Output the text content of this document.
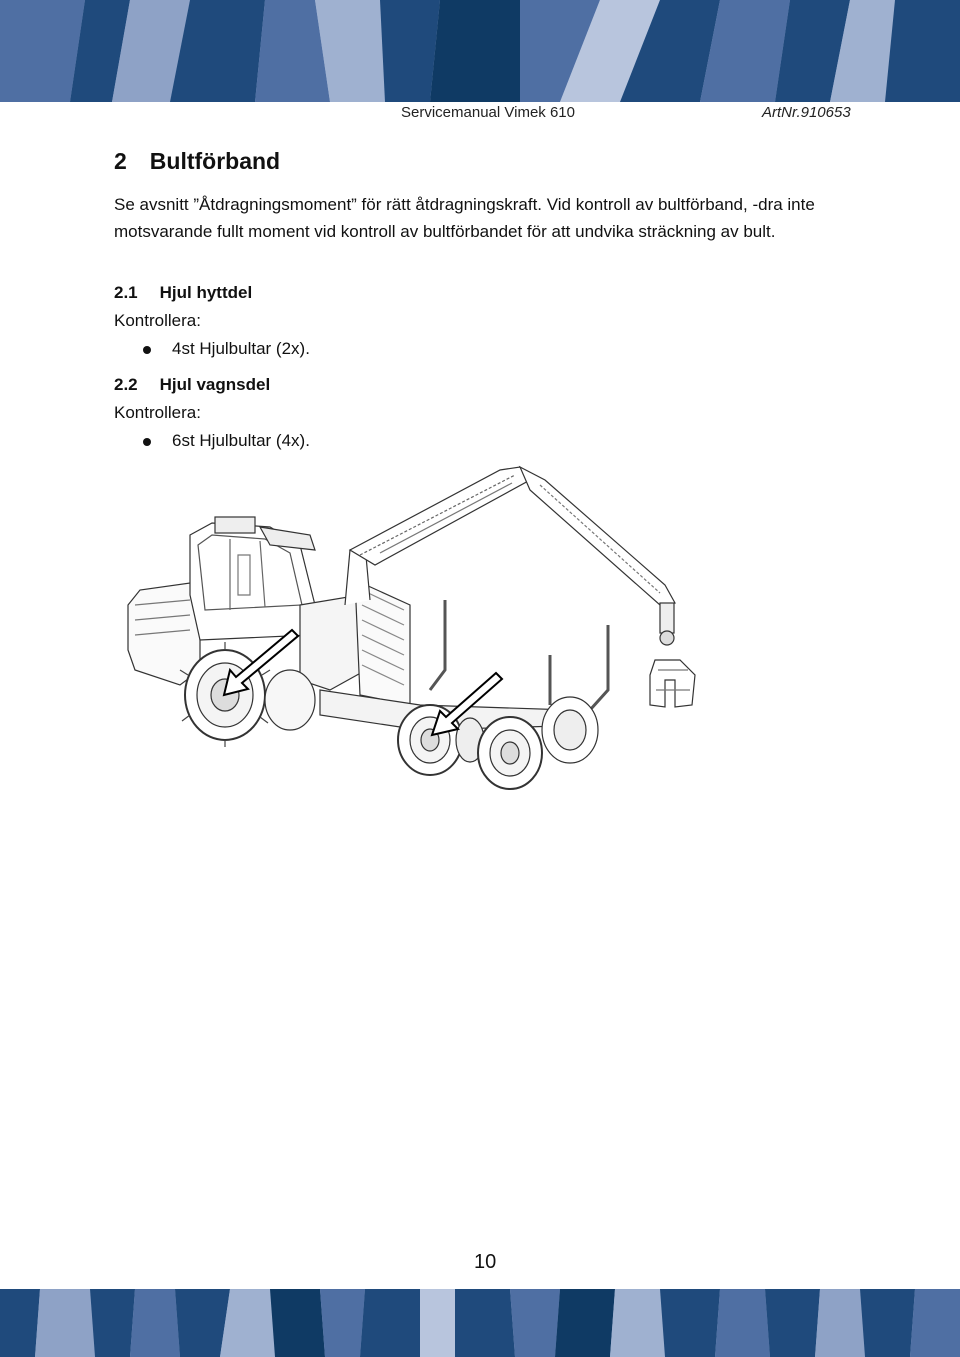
Servicemanual Vimek 610	ArtNr.910653
2 Bultförband
Se avsnitt ”Åtdragningsmoment” för rätt åtdragningskraft. Vid kontroll av bultförband, -dra inte motsvarande fullt moment vid kontroll av bultförbandet för att undvika sträckning av bult.
2.1 Hjul hyttdel
Kontrollera:
4st Hjulbultar (2x).
2.2 Hjul vagnsdel
Kontrollera:
6st Hjulbultar (4x).
10
